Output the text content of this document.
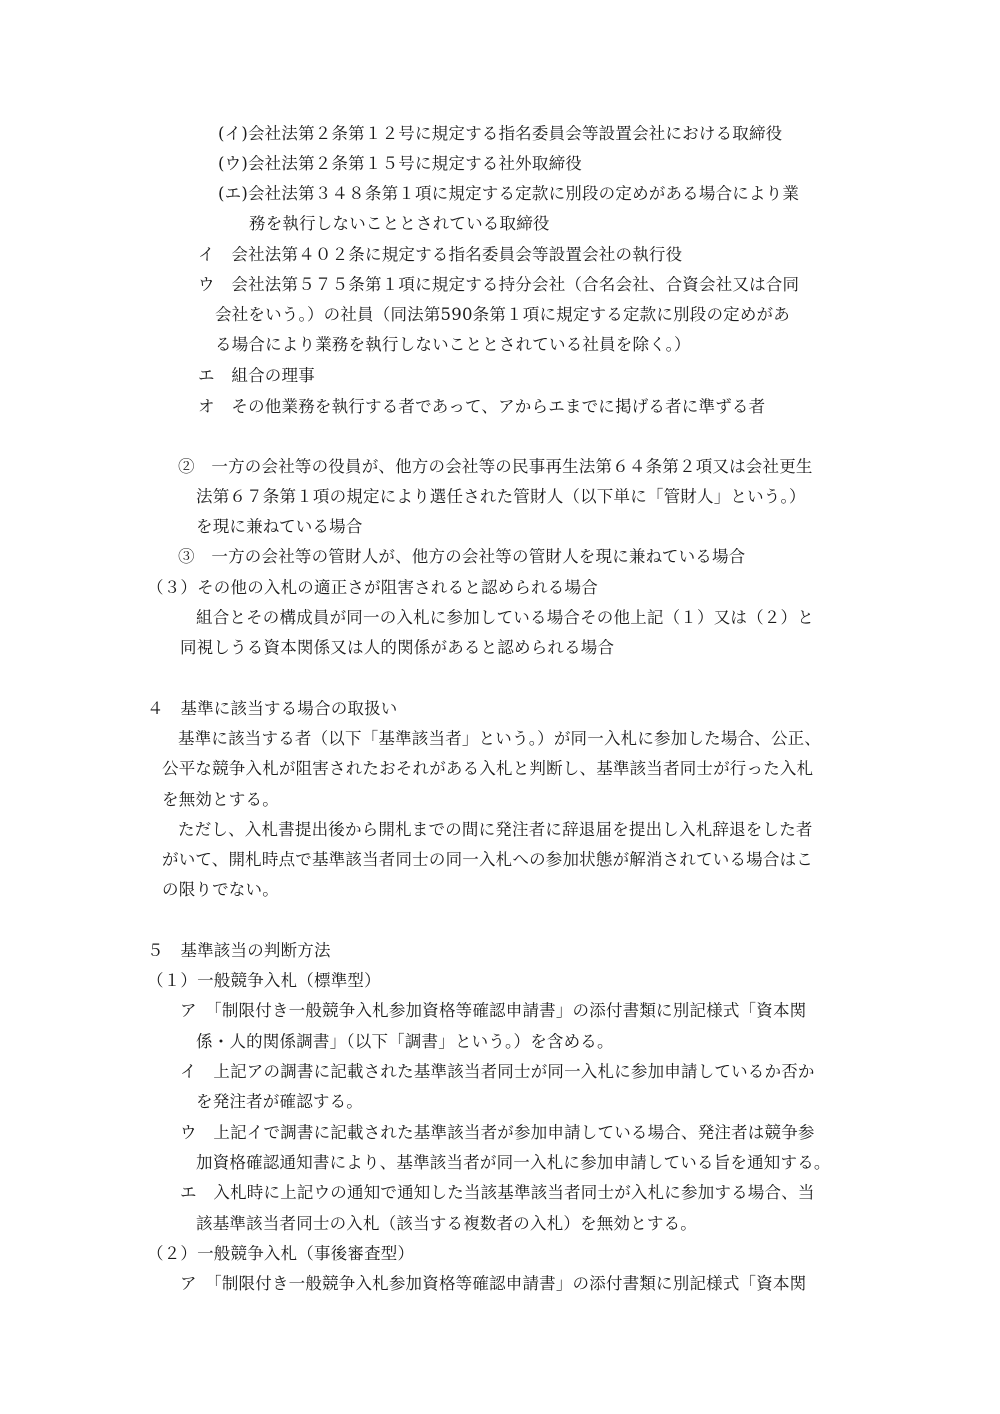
(イ)会社法第２条第１２号に規定する指名委員会等設置会社における取締役
(ウ)会社法第２条第１５号に規定する社外取締役
(エ)会社法第３４８条第１項に規定する定款に別段の定めがある場合により業
務を執行しないこととされている取締役
イ　会社法第４０２条に規定する指名委員会等設置会社の執行役
ウ　会社法第５７５条第１項に規定する持分会社（合名会社、合資会社又は合同
会社をいう。）の社員（同法第590条第１項に規定する定款に別段の定めがあ
る場合により業務を執行しないこととされている社員を除く。）
エ　組合の理事
オ　その他業務を執行する者であって、アからエまでに掲げる者に準ずる者
②　一方の会社等の役員が、他方の会社等の民事再生法第６４条第２項又は会社更生
法第６７条第１項の規定により選任された管財人（以下単に「管財人」という。）
を現に兼ねている場合
③　一方の会社等の管財人が、他方の会社等の管財人を現に兼ねている場合
（３）その他の入札の適正さが阻害されると認められる場合
組合とその構成員が同一の入札に参加している場合その他上記（１）又は（２）と
同視しうる資本関係又は人的関係があると認められる場合
４　基準に該当する場合の取扱い
基準に該当する者（以下「基準該当者」という。）が同一入札に参加した場合、公正、
公平な競争入札が阻害されたおそれがある入札と判断し、基準該当者同士が行った入札
を無効とする。
ただし、入札書提出後から開札までの間に発注者に辞退届を提出し入札辞退をした者
がいて、開札時点で基準該当者同士の同一入札への参加状態が解消されている場合はこ
の限りでない。
５　基準該当の判断方法
（１）一般競争入札（標準型）
ア　「制限付き一般競争入札参加資格等確認申請書」の添付書類に別記様式「資本関
係・人的関係調書」（以下「調書」という。）を含める。
イ　上記アの調書に記載された基準該当者同士が同一入札に参加申請しているか否か
を発注者が確認する。
ウ　上記イで調書に記載された基準該当者が参加申請している場合、発注者は競争参
加資格確認通知書により、基準該当者が同一入札に参加申請している旨を通知する。
エ　入札時に上記ウの通知で通知した当該基準該当者同士が入札に参加する場合、当
該基準該当者同士の入札（該当する複数者の入札）を無効とする。
（２）一般競争入札（事後審査型）
ア　「制限付き一般競争入札参加資格等確認申請書」の添付書類に別記様式「資本関
